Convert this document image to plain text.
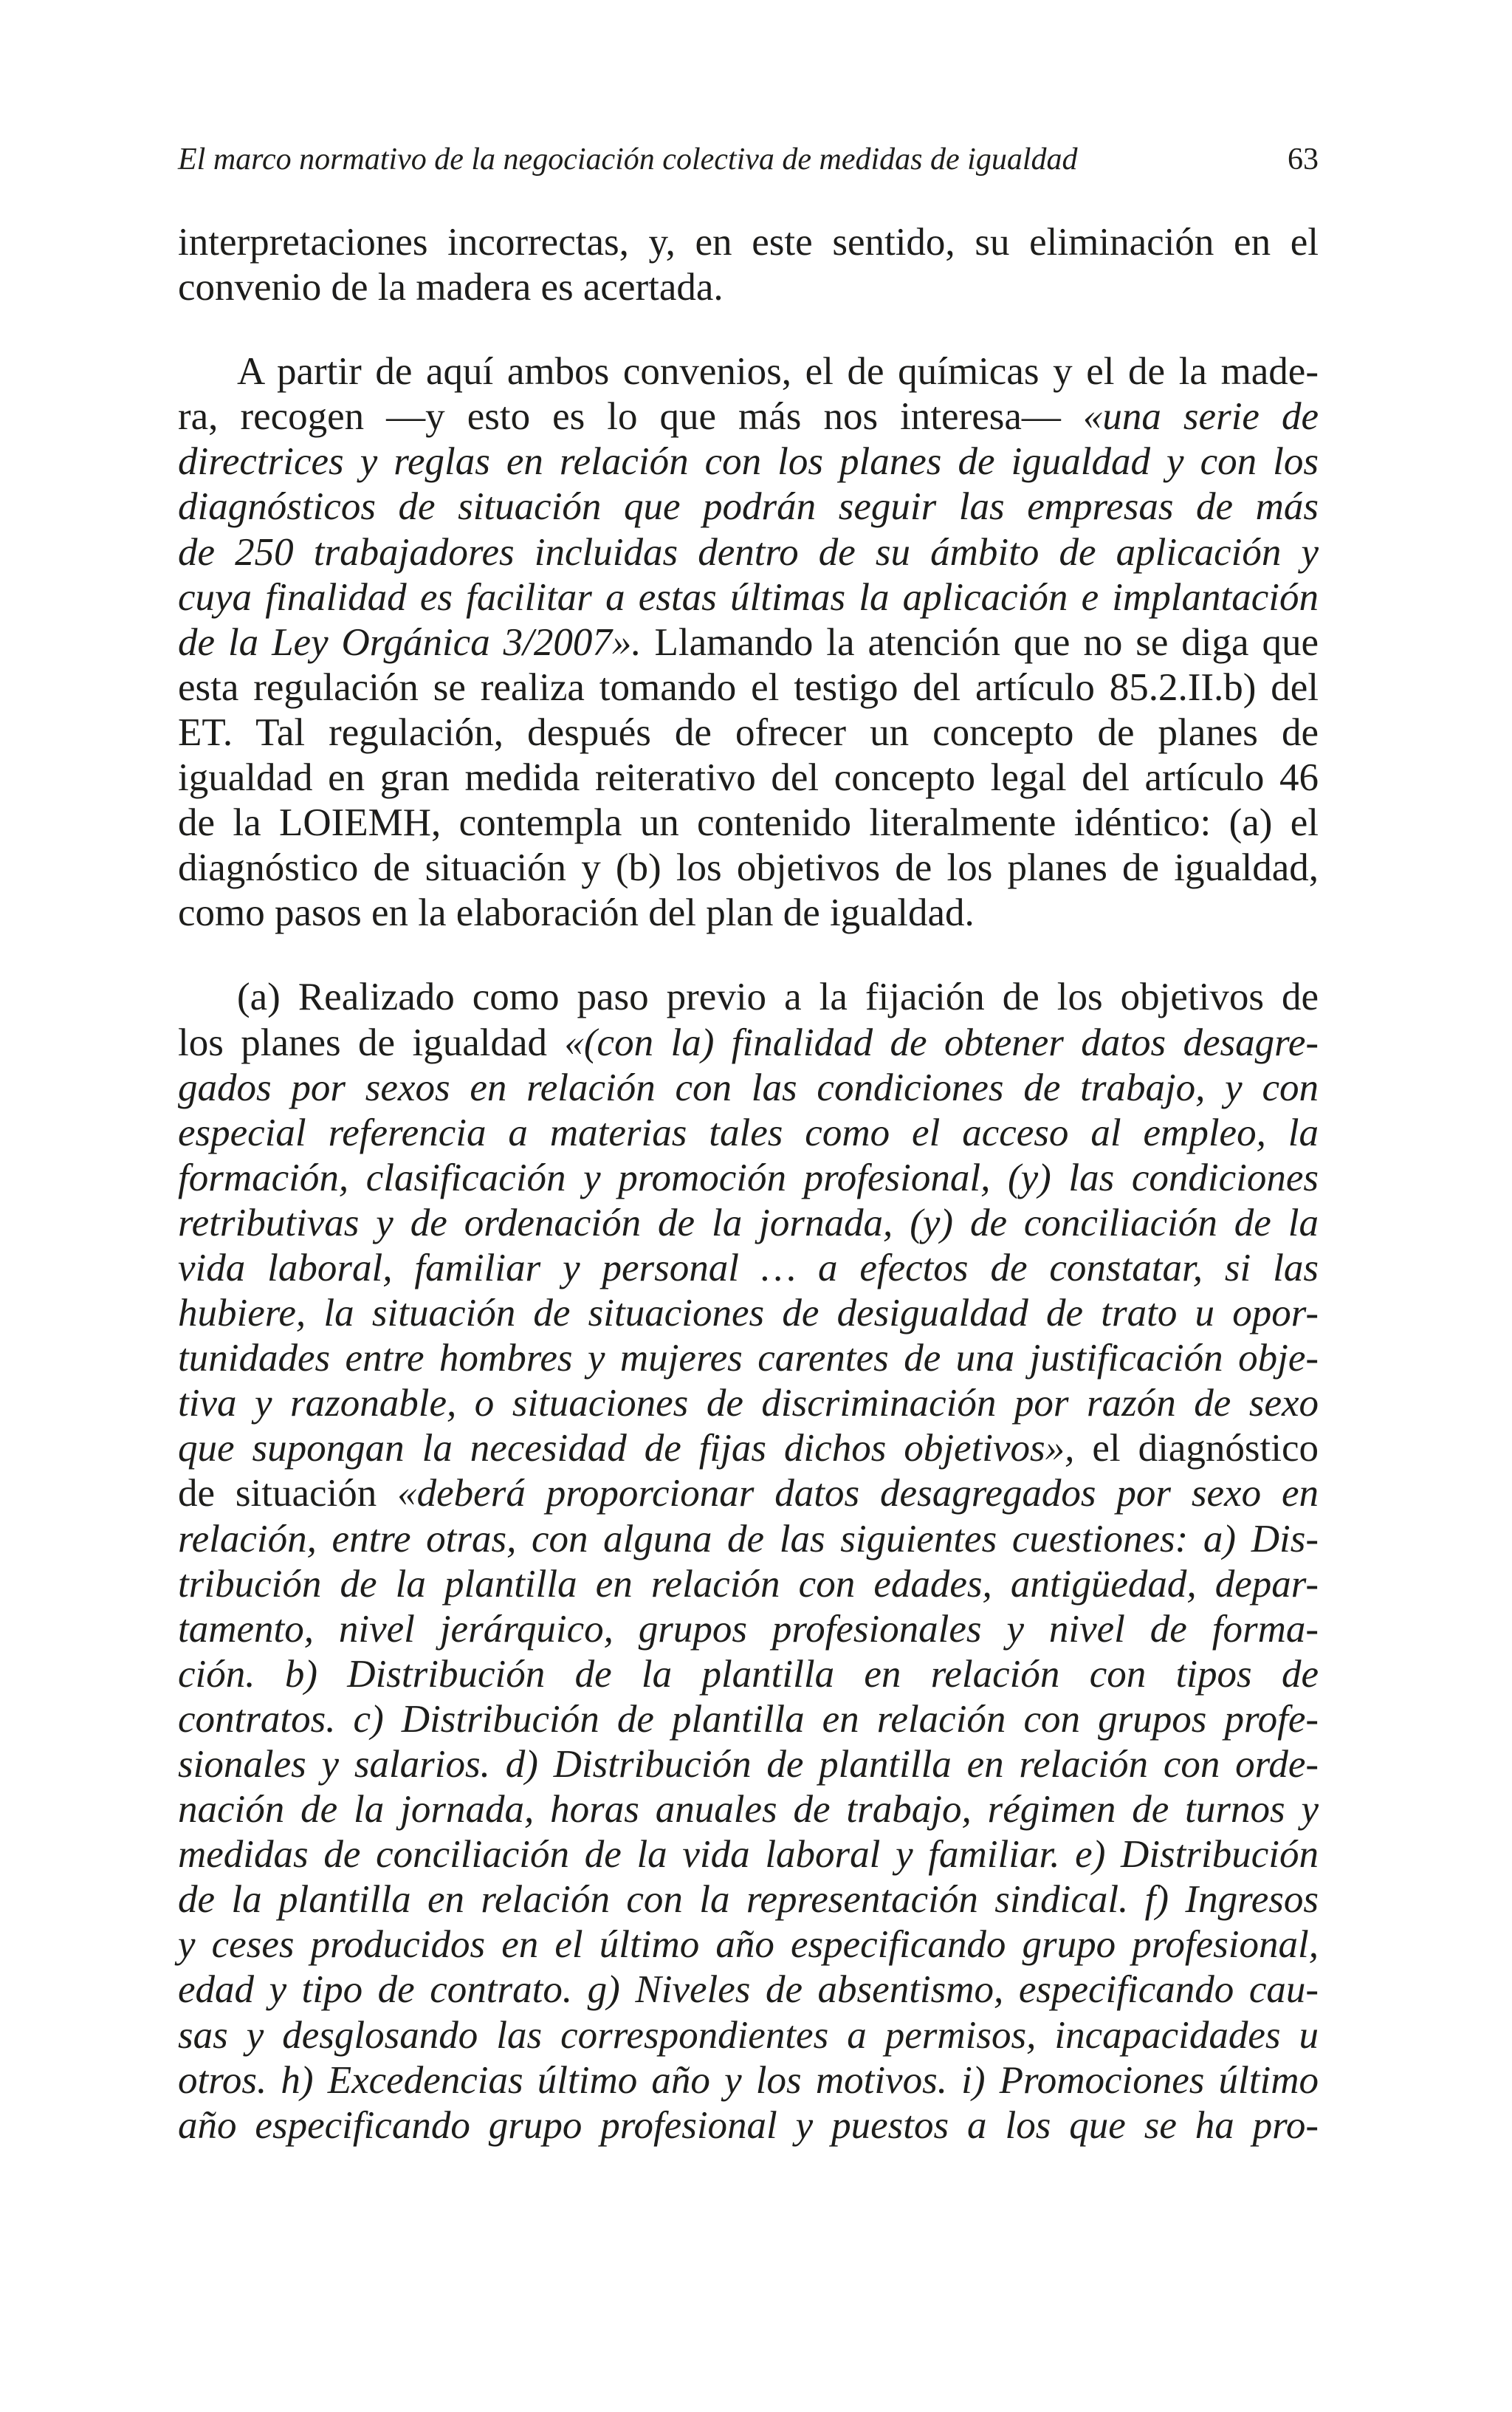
El marco normativo de la negociación colectiva de medidas de igualdad	63

interpretaciones incorrectas, y, en este sentido, su eliminación en el
convenio de la madera es acertada.

A partir de aquí ambos convenios, el de químicas y el de la made-
ra, recogen —y esto es lo que más nos interesa— «una serie de
directrices y reglas en relación con los planes de igualdad y con los
diagnósticos de situación que podrán seguir las empresas de más
de 250 trabajadores incluidas dentro de su ámbito de aplicación y
cuya finalidad es facilitar a estas últimas la aplicación e implantación
de la Ley Orgánica 3/2007». Llamando la atención que no se diga que
esta regulación se realiza tomando el testigo del artículo 85.2.II.b) del
ET. Tal regulación, después de ofrecer un concepto de planes de
igualdad en gran medida reiterativo del concepto legal del artículo 46
de la LOIEMH, contempla un contenido literalmente idéntico: (a) el
diagnóstico de situación y (b) los objetivos de los planes de igualdad,
como pasos en la elaboración del plan de igualdad.

(a) Realizado como paso previo a la fijación de los objetivos de
los planes de igualdad «(con la) finalidad de obtener datos desagre-
gados por sexos en relación con las condiciones de trabajo, y con
especial referencia a materias tales como el acceso al empleo, la
formación, clasificación y promoción profesional, (y) las condiciones
retributivas y de ordenación de la jornada, (y) de conciliación de la
vida laboral, familiar y personal … a efectos de constatar, si las
hubiere, la situación de situaciones de desigualdad de trato u opor-
tunidades entre hombres y mujeres carentes de una justificación obje-
tiva y razonable, o situaciones de discriminación por razón de sexo
que supongan la necesidad de fijas dichos objetivos», el diagnóstico
de situación «deberá proporcionar datos desagregados por sexo en
relación, entre otras, con alguna de las siguientes cuestiones: a) Dis-
tribución de la plantilla en relación con edades, antigüedad, depar-
tamento, nivel jerárquico, grupos profesionales y nivel de forma-
ción. b) Distribución de la plantilla en relación con tipos de
contratos. c) Distribución de plantilla en relación con grupos profe-
sionales y salarios. d) Distribución de plantilla en relación con orde-
nación de la jornada, horas anuales de trabajo, régimen de turnos y
medidas de conciliación de la vida laboral y familiar. e) Distribución
de la plantilla en relación con la representación sindical. f) Ingresos
y ceses producidos en el último año especificando grupo profesional,
edad y tipo de contrato. g) Niveles de absentismo, especificando cau-
sas y desglosando las correspondientes a permisos, incapacidades u
otros. h) Excedencias último año y los motivos. i) Promociones último
año especificando grupo profesional y puestos a los que se ha pro-
